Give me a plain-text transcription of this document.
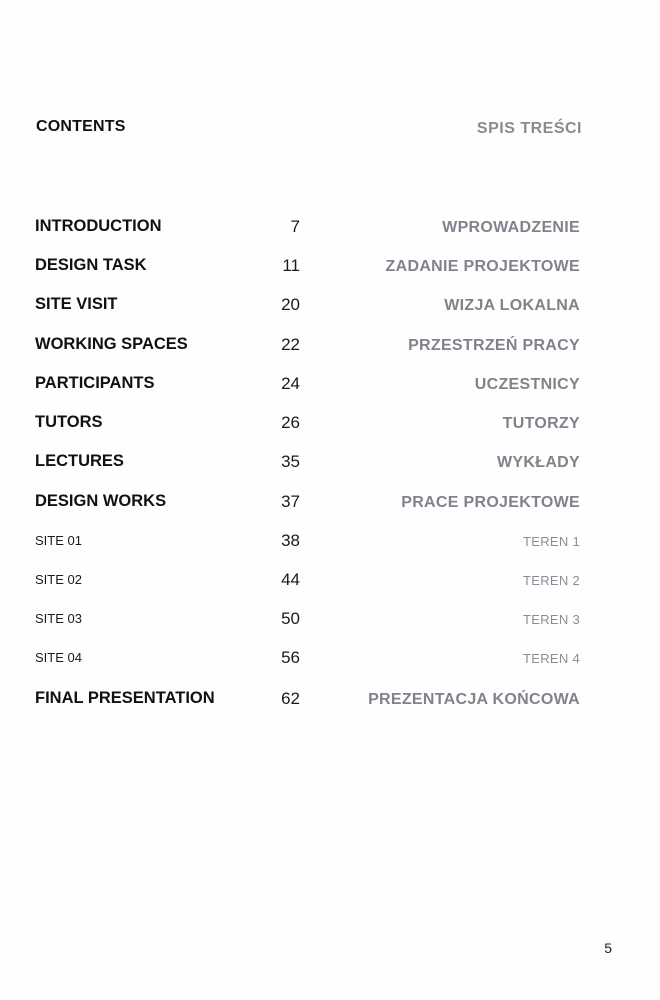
CONTENTS	SPIS TREŚCI
INTRODUCTION	7	WPROWADZENIE
DESIGN TASK	11	ZADANIE PROJEKTOWE
SITE VISIT	20	WIZJA LOKALNA
WORKING SPACES	22	PRZESTRZEŃ PRACY
PARTICIPANTS	24	UCZESTNICY
TUTORS	26	TUTORZY
LECTURES	35	WYKŁADY
DESIGN WORKS	37	PRACE PROJEKTOWE
SITE 01	38	TEREN 1
SITE 02	44	TEREN 2
SITE 03	50	TEREN 3
SITE 04	56	TEREN 4
FINAL PRESENTATION	62	PREZENTACJA KOŃCOWA
5
